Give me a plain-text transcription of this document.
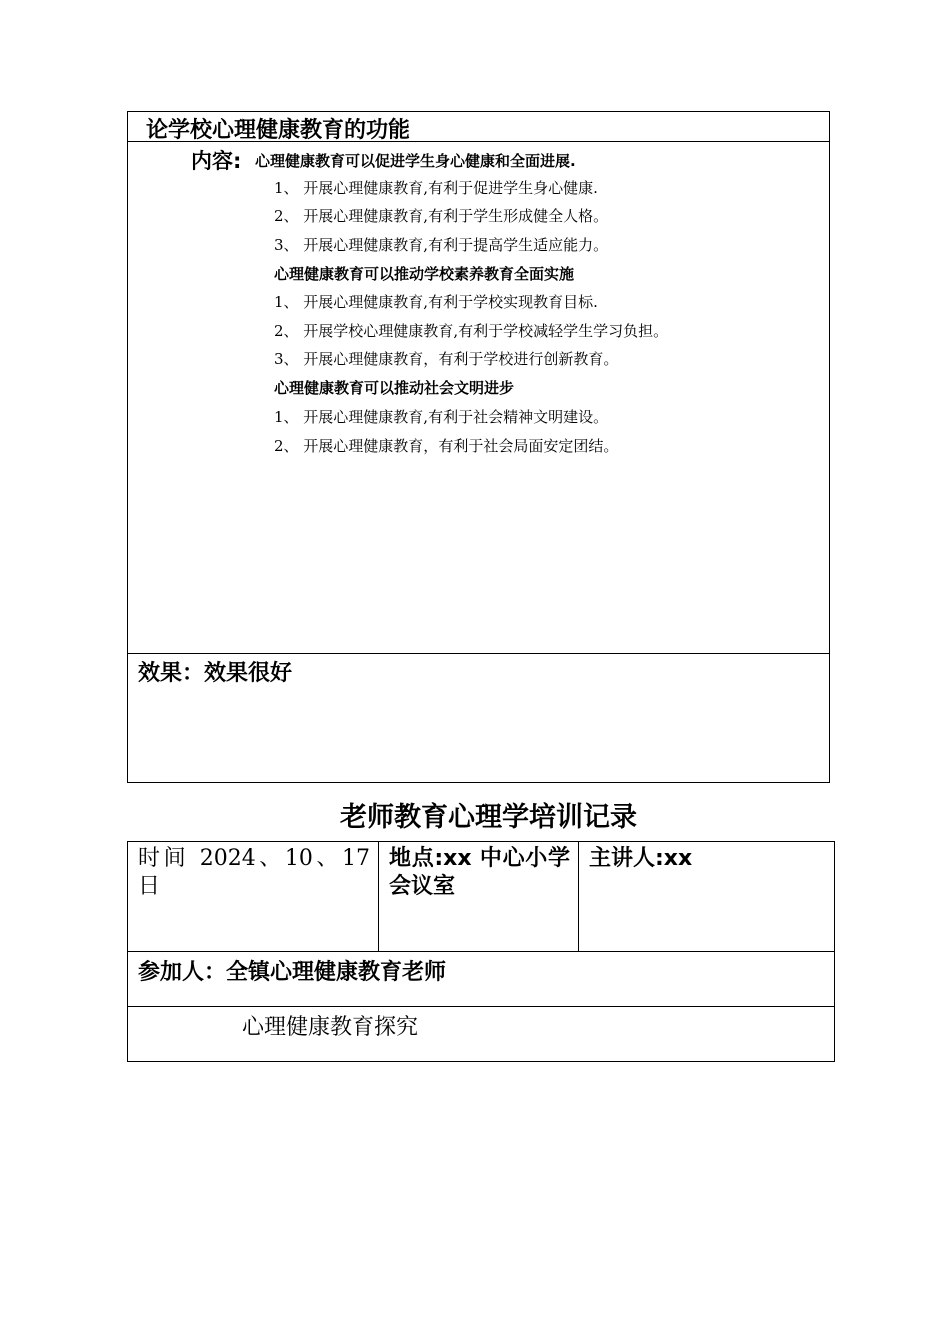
论学校心理健康教育的功能
内容: 心理健康教育可以促进学生身心健康和全面进展.
1、 开展心理健康教育,有利于促进学生身心健康.
2、 开展心理健康教育,有利于学生形成健全人格。
3、 开展心理健康教育,有利于提高学生适应能力。
心理健康教育可以推动学校素养教育全面实施
1、 开展心理健康教育,有利于学校实现教育目标.
2、 开展学校心理健康教育,有利于学校减轻学生学习负担。
3、 开展心理健康教育，有利于学校进行创新教育。
心理健康教育可以推动社会文明进步
1、 开展心理健康教育,有利于社会精神文明建设。
2、 开展心理健康教育，有利于社会局面安定团结。
效果：效果很好
老师教育心理学培训记录
时间 2024、10、17 日
地点:xx 中心小学会议室
主讲人:xx
参加人：全镇心理健康教育老师
心理健康教育探究
